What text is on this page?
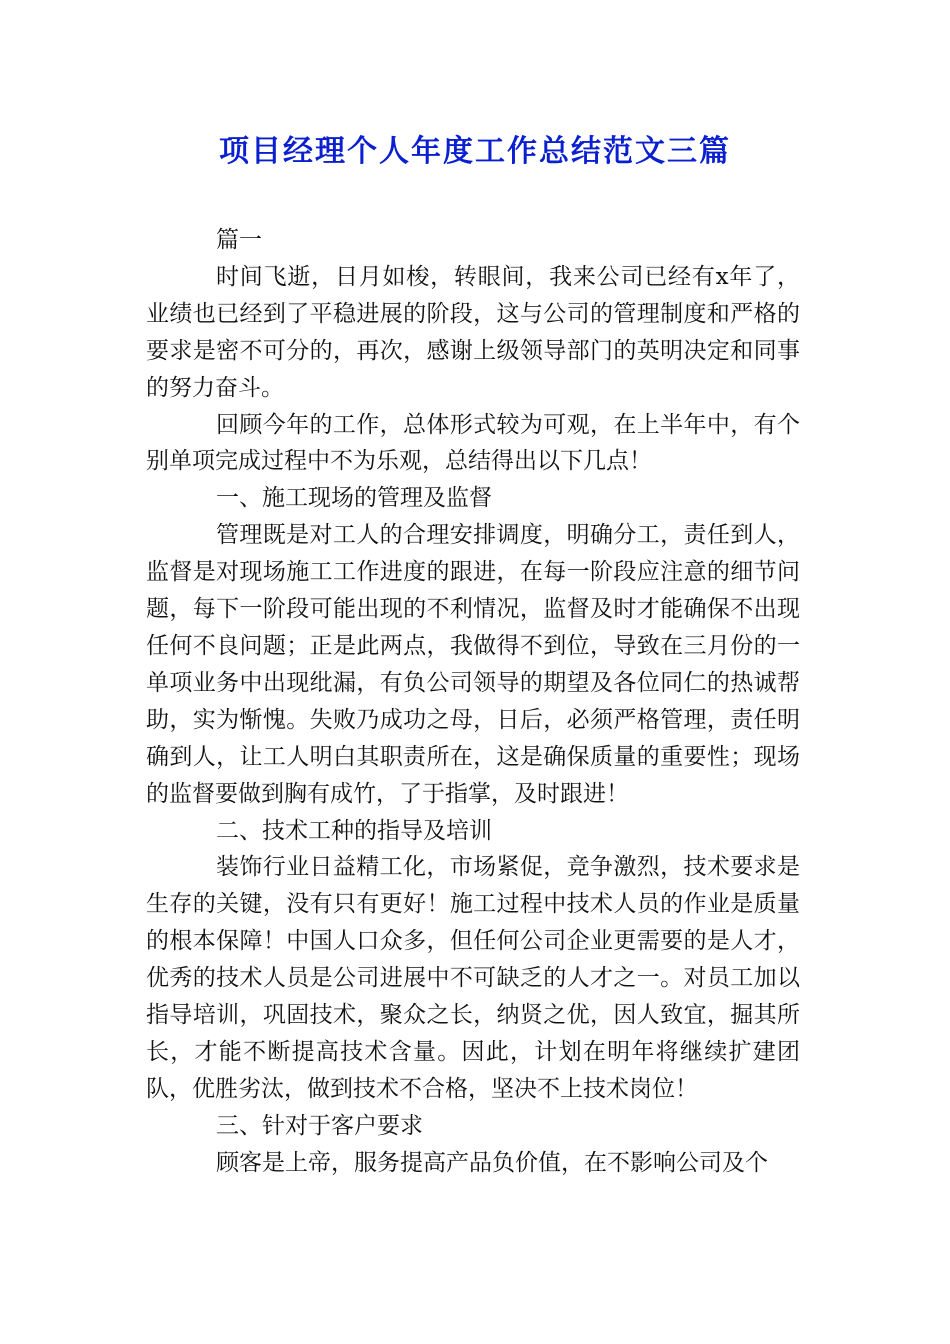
项目经理个人年度工作总结范文三篇

篇一

时间飞逝，日月如梭，转眼间，我来公司已经有x年了，业绩也已经到了平稳进展的阶段，这与公司的管理制度和严格的要求是密不可分的，再次，感谢上级领导部门的英明决定和同事的努力奋斗。

回顾今年的工作，总体形式较为可观，在上半年中，有个别单项完成过程中不为乐观，总结得出以下几点！

一、施工现场的管理及监督

管理既是对工人的合理安排调度，明确分工，责任到人，监督是对现场施工工作进度的跟进，在每一阶段应注意的细节问题，每下一阶段可能出现的不利情况，监督及时才能确保不出现任何不良问题；正是此两点，我做得不到位，导致在三月份的一单项业务中出现纰漏，有负公司领导的期望及各位同仁的热诚帮助，实为惭愧。失败乃成功之母，日后，必须严格管理，责任明确到人，让工人明白其职责所在，这是确保质量的重要性；现场的监督要做到胸有成竹，了于指掌，及时跟进！

二、技术工种的指导及培训

装饰行业日益精工化，市场紧促，竞争激烈，技术要求是生存的关键，没有只有更好！施工过程中技术人员的作业是质量的根本保障！中国人口众多，但任何公司企业更需要的是人才，优秀的技术人员是公司进展中不可缺乏的人才之一。对员工加以指导培训，巩固技术，聚众之长，纳贤之优，因人致宜，掘其所长，才能不断提高技术含量。因此，计划在明年将继续扩建团队，优胜劣汰，做到技术不合格，坚决不上技术岗位！

三、针对于客户要求

顾客是上帝，服务提高产品负价值，在不影响公司及个
